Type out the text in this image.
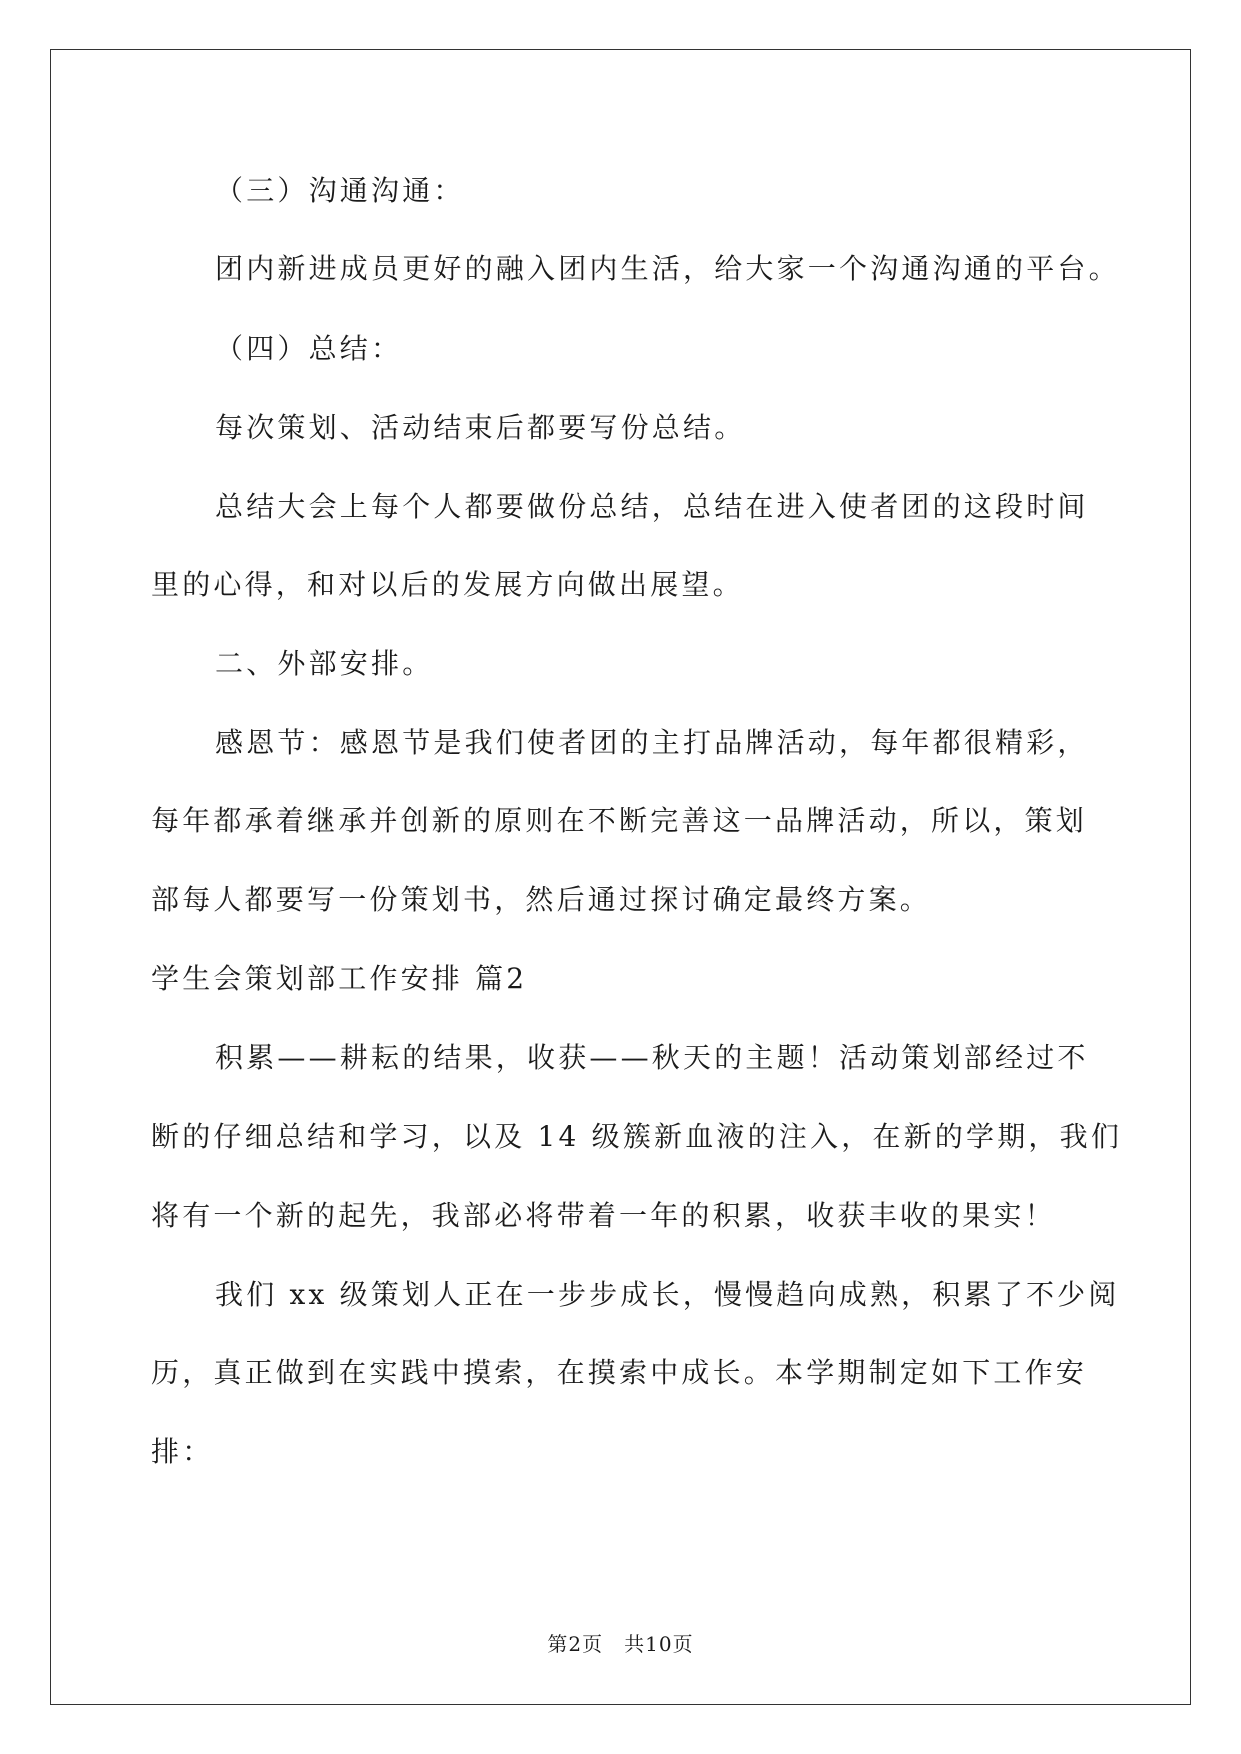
（三）沟通沟通：
团内新进成员更好的融入团内生活，给大家一个沟通沟通的平台。
（四）总结：
每次策划、活动结束后都要写份总结。
总结大会上每个人都要做份总结，总结在进入使者团的这段时间
里的心得，和对以后的发展方向做出展望。
二、外部安排。
感恩节：感恩节是我们使者团的主打品牌活动，每年都很精彩，
每年都承着继承并创新的原则在不断完善这一品牌活动，所以，策划
部每人都要写一份策划书，然后通过探讨确定最终方案。
学生会策划部工作安排 篇2
积累——耕耘的结果，收获——秋天的主题！活动策划部经过不
断的仔细总结和学习，以及 14 级簇新血液的注入，在新的学期，我们
将有一个新的起先，我部必将带着一年的积累，收获丰收的果实！
我们 xx 级策划人正在一步步成长，慢慢趋向成熟，积累了不少阅
历，真正做到在实践中摸索，在摸索中成长。本学期制定如下工作安
排：
第2页　共10页
